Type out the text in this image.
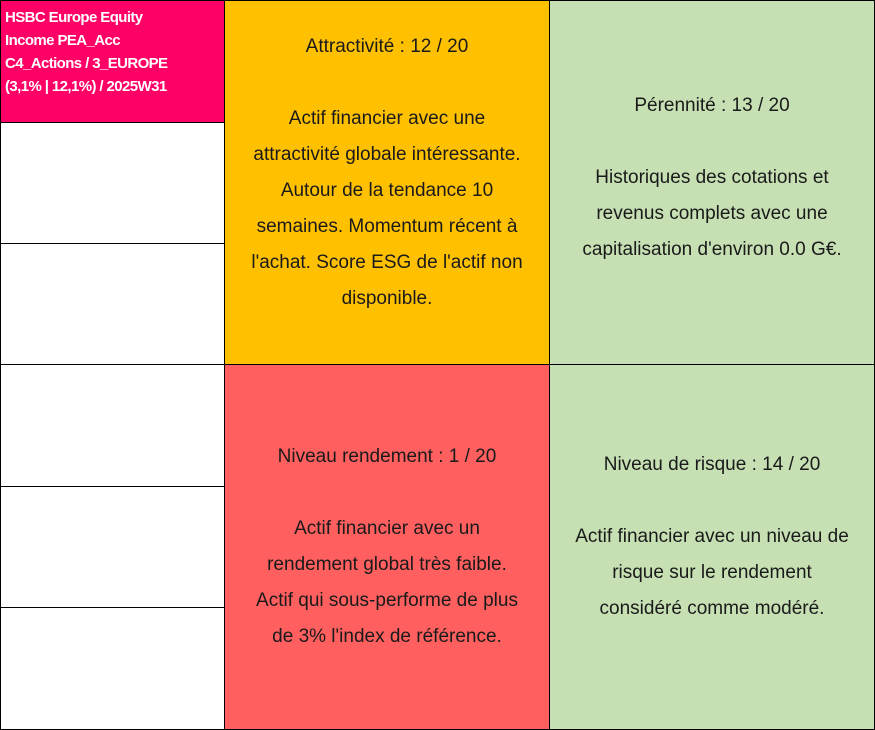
HSBC Europe Equity
Income PEA_Acc
C4_Actions / 3_EUROPE
(3,1% | 12,1%) / 2025W31
Attractivité : 12 / 20
Actif financier avec une
attractivité globale intéressante.
Autour de la tendance 10
semaines. Momentum récent à
l'achat. Score ESG de l'actif non
disponible.
Pérennité : 13 / 20
Historiques des cotations et
revenus complets avec une
capitalisation d'environ 0.0 G€.
Niveau rendement : 1 / 20
Actif financier avec un
rendement global très faible.
Actif qui sous-performe de plus
de 3% l'index de référence.
Niveau de risque : 14 / 20
Actif financier avec un niveau de
risque sur le rendement
considéré comme modéré.
